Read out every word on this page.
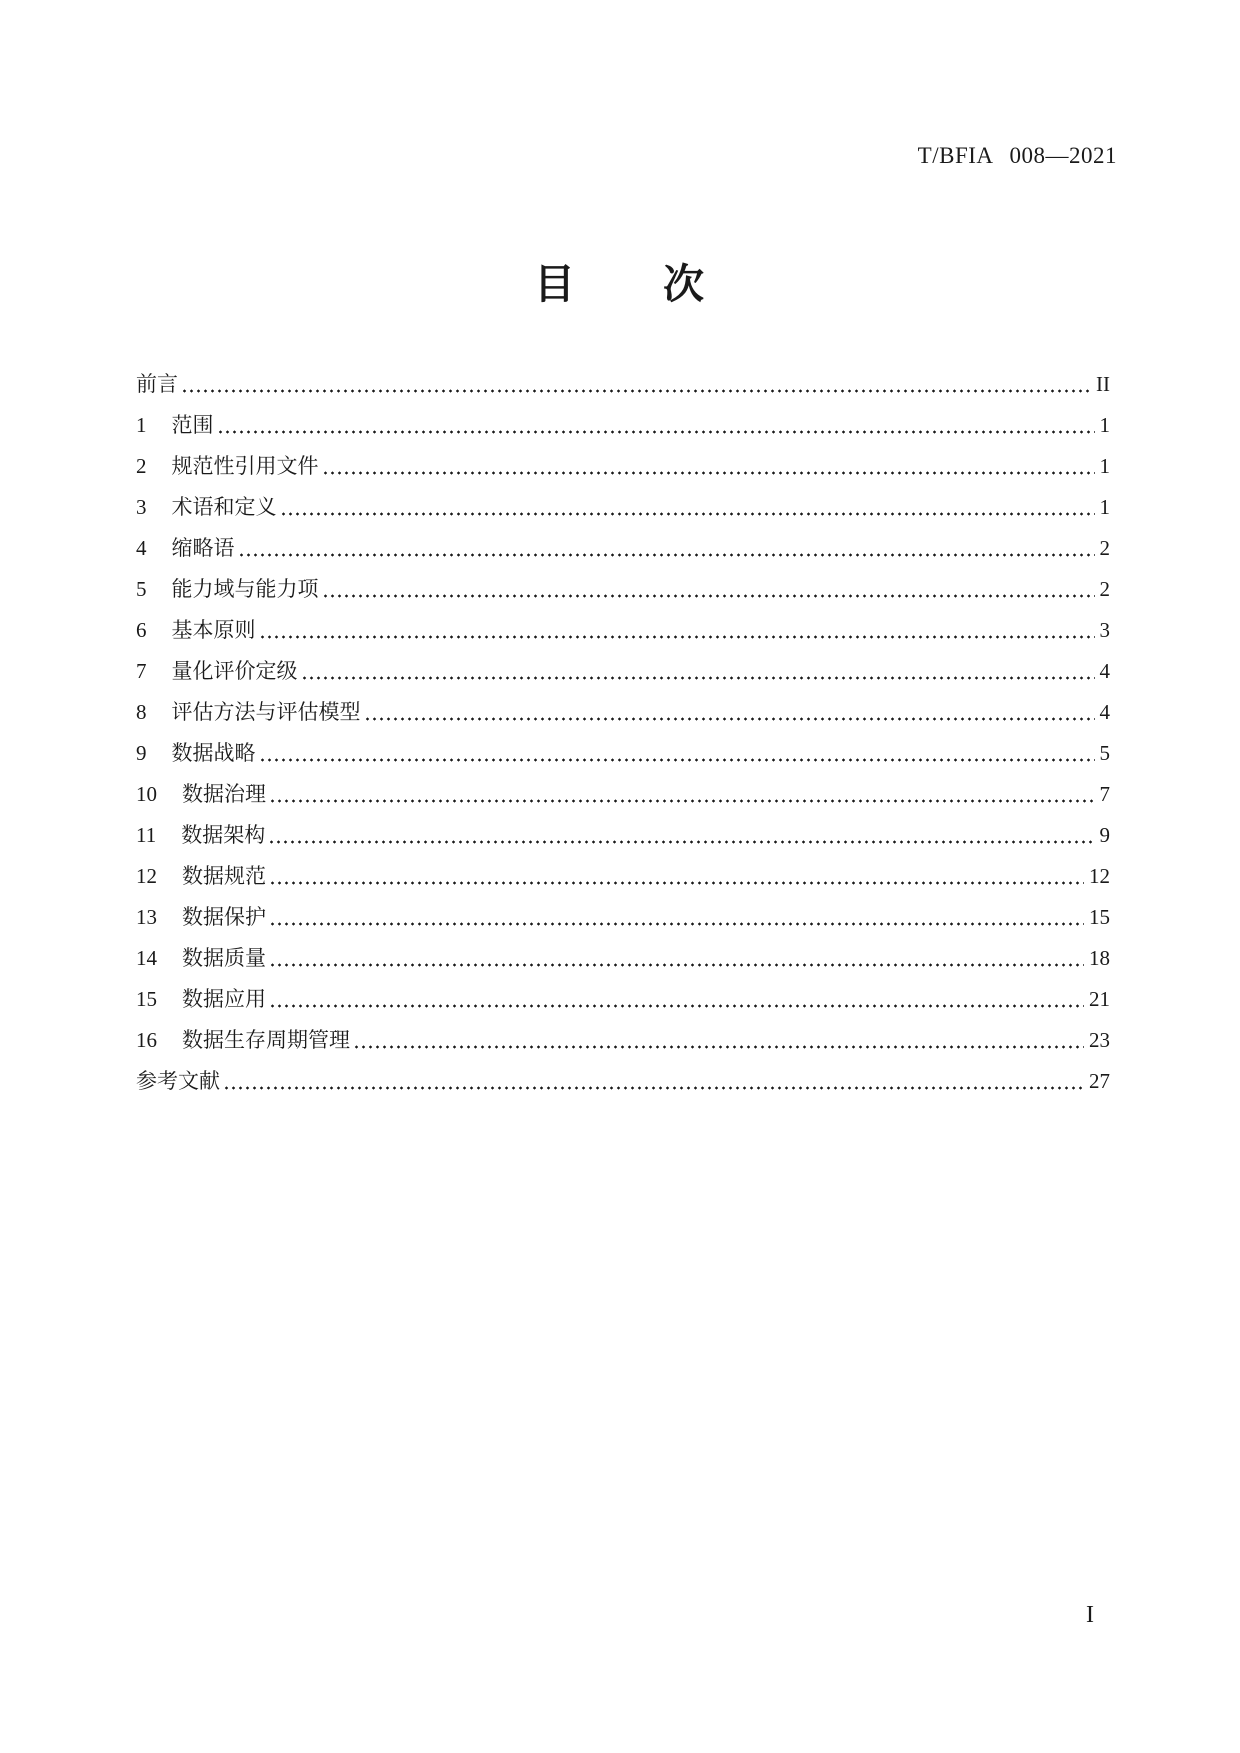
T/BFIA 008—2021
目　　次
前言	II
1 范围	1
2 规范性引用文件	1
3 术语和定义	1
4 缩略语	2
5 能力域与能力项	2
6 基本原则	3
7 量化评价定级	4
8 评估方法与评估模型	4
9 数据战略	5
10 数据治理	7
11 数据架构	9
12 数据规范	12
13 数据保护	15
14 数据质量	18
15 数据应用	21
16 数据生存周期管理	23
参考文献	27
I
